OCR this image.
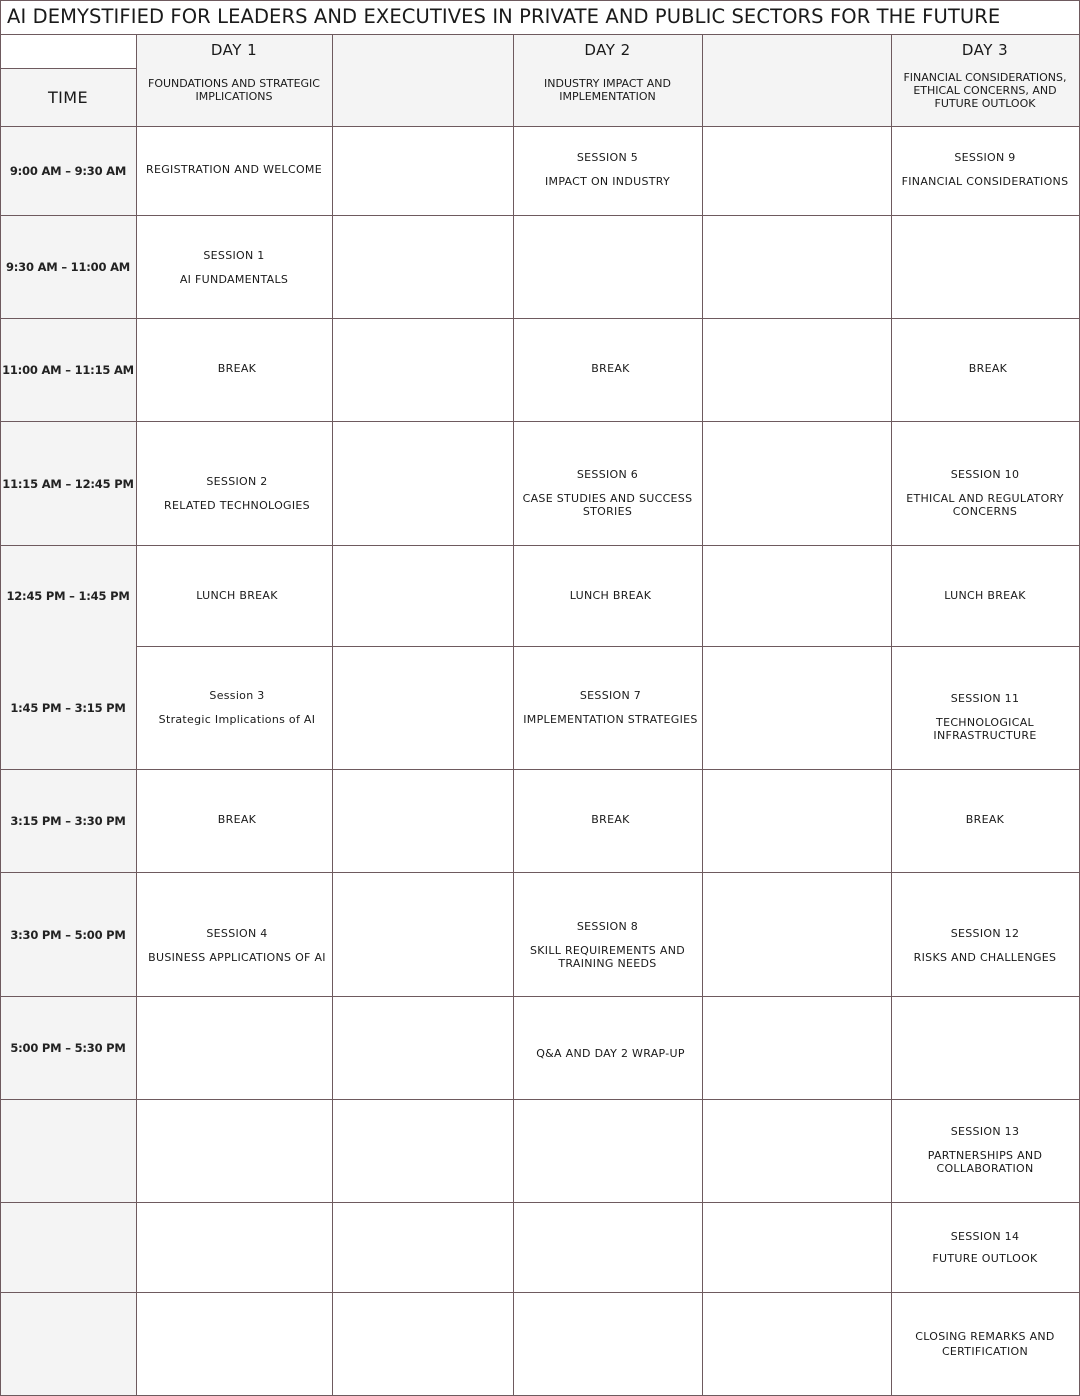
AI DEMYSTIFIED FOR LEADERS AND EXECUTIVES IN PRIVATE AND PUBLIC SECTORS FOR THE FUTURE
TIME
DAY 1
FOUNDATIONS AND STRATEGIC IMPLICATIONS
DAY 2
INDUSTRY IMPACT AND IMPLEMENTATION
DAY 3
FINANCIAL CONSIDERATIONS, ETHICAL CONCERNS, AND FUTURE OUTLOOK
9:00 AM – 9:30 AM
9:30 AM – 11:00 AM
11:00 AM – 11:15 AM
11:15 AM – 12:45 PM
12:45 PM – 1:45 PM
1:45 PM – 3:15 PM
3:15 PM – 3:30 PM
3:30 PM – 5:00 PM
5:00 PM – 5:30 PM
REGISTRATION AND WELCOME
SESSION 1
AI FUNDAMENTALS
BREAK
SESSION 2
RELATED TECHNOLOGIES
LUNCH BREAK
Session 3
Strategic Implications of AI
BREAK
SESSION 4
BUSINESS APPLICATIONS OF AI
SESSION 5
IMPACT ON INDUSTRY
BREAK
SESSION 6
CASE STUDIES AND SUCCESS STORIES
LUNCH BREAK
SESSION 7
IMPLEMENTATION STRATEGIES
BREAK
SESSION 8
SKILL REQUIREMENTS AND TRAINING NEEDS
Q&A AND DAY 2 WRAP-UP
SESSION 9
FINANCIAL CONSIDERATIONS
BREAK
SESSION 10
ETHICAL AND REGULATORY CONCERNS
LUNCH BREAK
SESSION 11
TECHNOLOGICAL INFRASTRUCTURE
BREAK
SESSION 12
RISKS AND CHALLENGES
SESSION 13
PARTNERSHIPS AND COLLABORATION
SESSION 14
FUTURE OUTLOOK
CLOSING REMARKS AND CERTIFICATION
